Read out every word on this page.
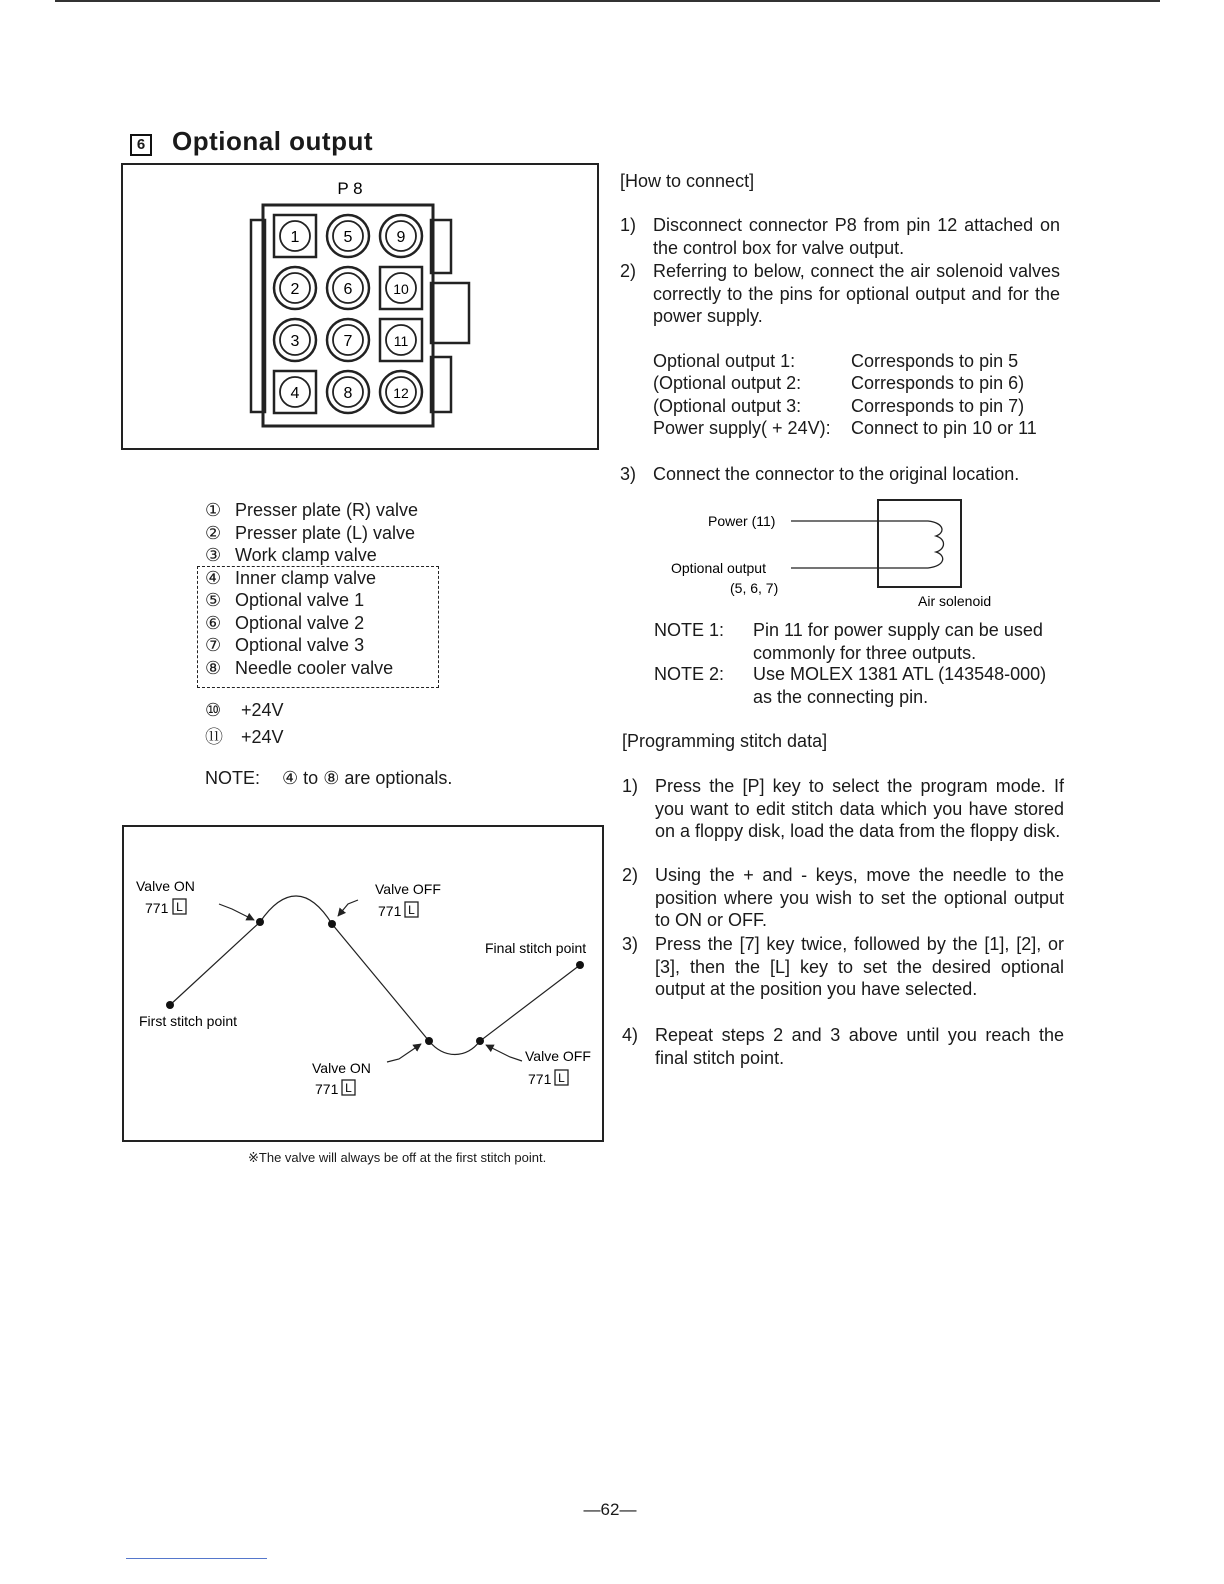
6 Optional output
P 8
1
2
3
4
5
6
7
8
9
10
11
12
① Presser plate (R) valve
② Presser plate (L) valve
③ Work clamp valve
④ Inner clamp valve
⑤ Optional valve 1
⑥ Optional valve 2
⑦ Optional valve 3
⑧ Needle cooler valve
⑩ +24V
⑪ +24V
NOTE: ④ to ⑧ are optionals.
Valve ON
771 L
Valve OFF
771 L
Final stitch point
First stitch point
Valve ON
771 L
Valve OFF
771 L
※The valve will always be off at the first stitch point.
[How to connect]
1) Disconnect connector P8 from pin 12 attached on the control box for valve output.
2) Referring to below, connect the air solenoid valves correctly to the pins for optional output and for the power supply.
Optional output 1:	Corresponds to pin 5
(Optional output 2:	Corresponds to pin 6)
(Optional output 3:	Corresponds to pin 7)
Power supply( + 24V):	Connect to pin 10 or 11
3) Connect the connector to the original location.
Power (11)
Optional output
(5, 6, 7)
Air solenoid
NOTE 1: Pin 11 for power supply can be used commonly for three outputs.
NOTE 2: Use MOLEX 1381 ATL (143548-000) as the connecting pin.
[Programming stitch data]
1) Press the [P] key to select the program mode. If you want to edit stitch data which you have stored on a floppy disk, load the data from the floppy disk.
2) Using the + and - keys, move the needle to the position where you wish to set the optional output to ON or OFF.
3) Press the [7] key twice, followed by the [1], [2], or [3], then the [L] key to set the desired optional output at the position you have selected.
4) Repeat steps 2 and 3 above until you reach the final stitch point.
—62—
